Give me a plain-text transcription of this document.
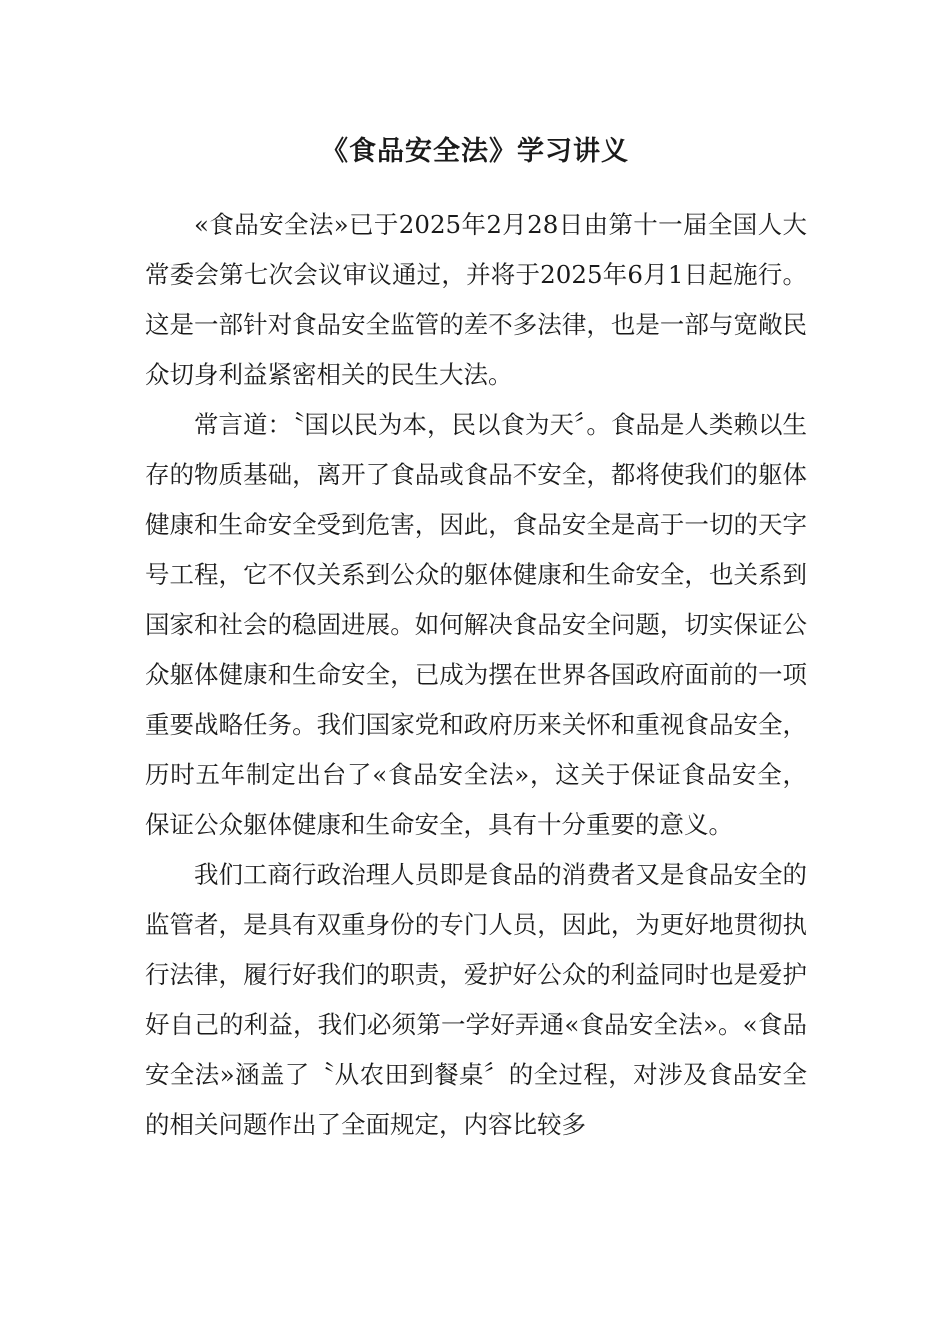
《食品安全法》学习讲义

«食品安全法»已于2025年2月28日由第十一届全国人大常委会第七次会议审议通过，并将于2025年6月1日起施行。这是一部针对食品安全监管的差不多法律，也是一部与宽敞民众切身利益紧密相关的民生大法。

常言道：〝国以民为本，民以食为天〞。食品是人类赖以生存的物质基础，离开了食品或食品不安全，都将使我们的躯体健康和生命安全受到危害，因此，食品安全是高于一切的天字号工程，它不仅关系到公众的躯体健康和生命安全，也关系到国家和社会的稳固进展。如何解决食品安全问题，切实保证公众躯体健康和生命安全，已成为摆在世界各国政府面前的一项重要战略任务。我们国家党和政府历来关怀和重视食品安全，历时五年制定出台了«食品安全法»，这关于保证食品安全，保证公众躯体健康和生命安全，具有十分重要的意义。

我们工商行政治理人员即是食品的消费者又是食品安全的监管者，是具有双重身份的专门人员，因此，为更好地贯彻执行法律，履行好我们的职责，爱护好公众的利益同时也是爱护好自己的利益，我们必须第一学好弄通«食品安全法»。«食品安全法»涵盖了〝从农田到餐桌〞的全过程，对涉及食品安全的相关问题作出了全面规定，内容比较多
